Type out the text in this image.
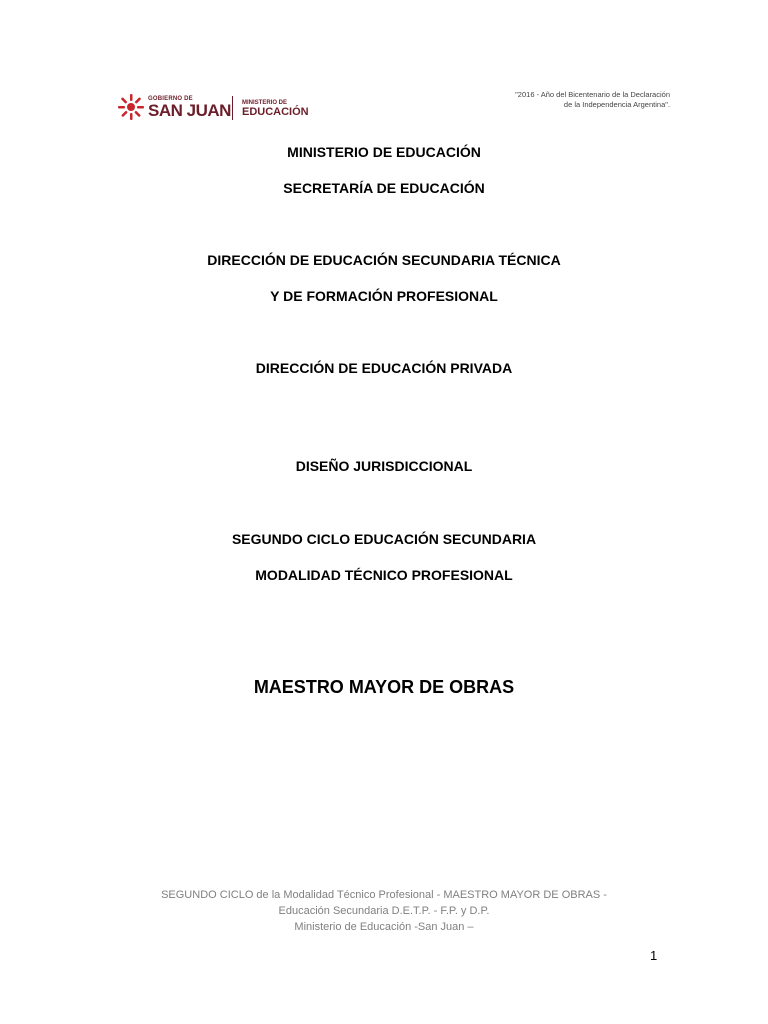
GOBIERNO DE
SAN JUAN MINISTERIO DE
EDUCACIÓN
"2016 - Año del Bicentenario de la Declaración
de la Independencia Argentina".
MINISTERIO DE EDUCACIÓN
SECRETARÍA DE EDUCACIÓN
DIRECCIÓN DE EDUCACIÓN SECUNDARIA TÉCNICA
Y DE FORMACIÓN PROFESIONAL
DIRECCIÓN DE EDUCACIÓN PRIVADA
DISEÑO JURISDICCIONAL
SEGUNDO CICLO EDUCACIÓN SECUNDARIA
MODALIDAD TÉCNICO PROFESIONAL
MAESTRO MAYOR DE OBRAS
SEGUNDO CICLO de la Modalidad Técnico Profesional - MAESTRO MAYOR DE OBRAS -
Educación Secundaria D.E.T.P. - F.P. y D.P.
Ministerio de Educación -San Juan –
1
